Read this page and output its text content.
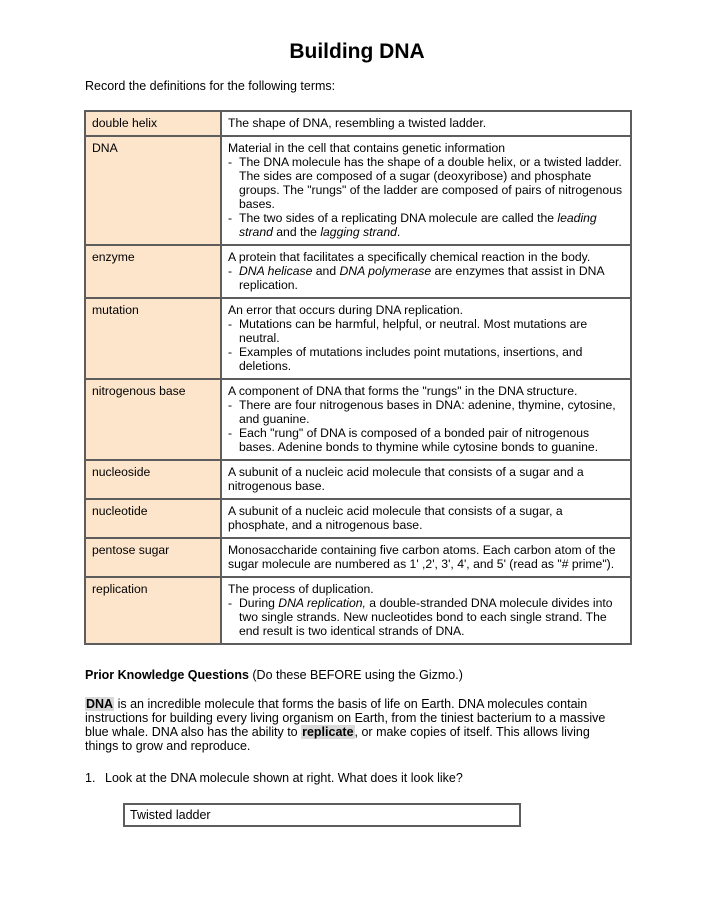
Building DNA
Record the definitions for the following terms:
double helix	The shape of DNA, resembling a twisted ladder.

DNA	Material in the cell that contains genetic information
- The DNA molecule has the shape of a double helix, or a twisted ladder. The sides are composed of a sugar (deoxyribose) and phosphate groups. The "rungs" of the ladder are composed of pairs of nitrogenous bases.
- The two sides of a replicating DNA molecule are called the leading strand and the lagging strand.

enzyme	A protein that facilitates a specifically chemical reaction in the body.
- DNA helicase and DNA polymerase are enzymes that assist in DNA replication.

mutation	An error that occurs during DNA replication.
- Mutations can be harmful, helpful, or neutral. Most mutations are neutral.
- Examples of mutations includes point mutations, insertions, and deletions.

nitrogenous base	A component of DNA that forms the "rungs" in the DNA structure.
- There are four nitrogenous bases in DNA: adenine, thymine, cytosine, and guanine.
- Each "rung" of DNA is composed of a bonded pair of nitrogenous bases. Adenine bonds to thymine while cytosine bonds to guanine.

nucleoside	A subunit of a nucleic acid molecule that consists of a sugar and a nitrogenous base.

nucleotide	A subunit of a nucleic acid molecule that consists of a sugar, a phosphate, and a nitrogenous base.

pentose sugar	Monosaccharide containing five carbon atoms. Each carbon atom of the sugar molecule are numbered as 1' ,2', 3', 4', and 5' (read as "# prime").

replication	The process of duplication.
- During DNA replication, a double-stranded DNA molecule divides into two single strands. New nucleotides bond to each single strand. The end result is two identical strands of DNA.
Prior Knowledge Questions (Do these BEFORE using the Gizmo.)
DNA is an incredible molecule that forms the basis of life on Earth. DNA molecules contain instructions for building every living organism on Earth, from the tiniest bacterium to a massive blue whale. DNA also has the ability to replicate, or make copies of itself. This allows living things to grow and reproduce.
1. Look at the DNA molecule shown at right. What does it look like?
Twisted ladder
